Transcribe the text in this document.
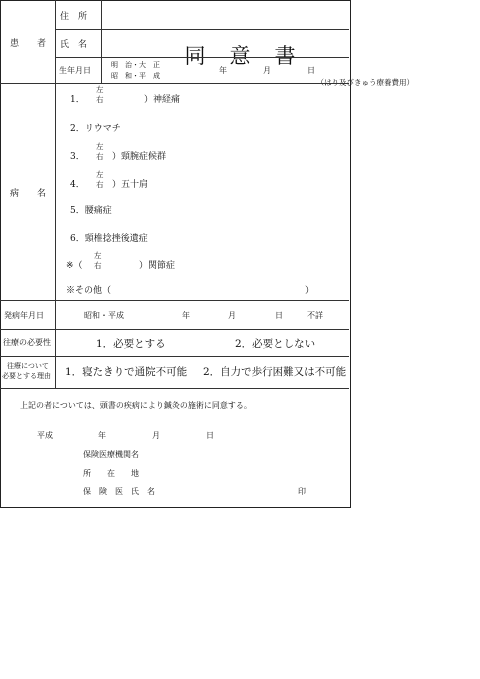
同 意 書
（はり及びきゅう療養費用）
患　　者
住　所
氏　名
生年月日
明　治・大　正
昭　和・平　成
年	月	日
病　　名
1．
左
右	）神経痛
2．リウマチ
3．
左
右 ）頸腕症候群
4．
左
右 ）五十肩
5．腰痛症
6．頸椎捻挫後遺症
※（
左
右	）関節症
※その他（	）
発病年月日	昭和・平成	年	月	日	不詳
往療の必要性	1．必要とする	2．必要としない
往療について
必要とする理由 1．寝たきりで通院不可能 2．自力で歩行困難又は不可能
上記の者については、頭書の疾病により鍼灸の施術に同意する。
平成	年	月	日
保険医療機関名
所　　在　　地
保　険　医　氏　名	印
